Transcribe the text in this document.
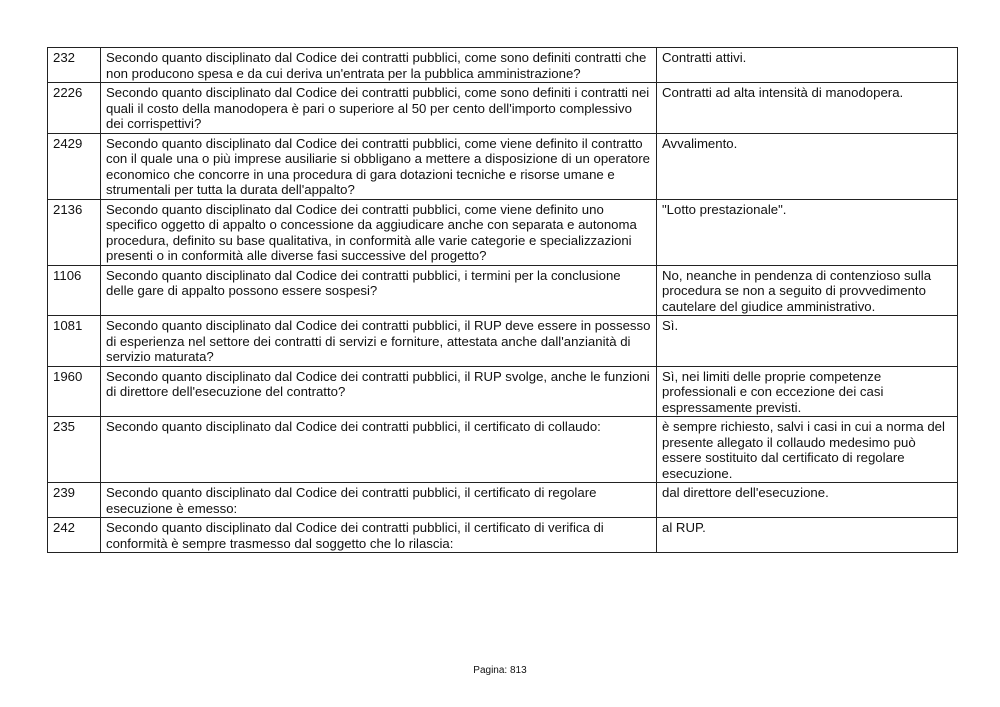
232	Secondo quanto disciplinato dal Codice dei contratti pubblici, come sono definiti contratti che non producono spesa e da cui deriva un'entrata per la pubblica amministrazione?	Contratti attivi.
2226	Secondo quanto disciplinato dal Codice dei contratti pubblici, come sono definiti i contratti nei quali il costo della manodopera è pari o superiore al 50 per cento dell'importo complessivo dei corrispettivi?	Contratti ad alta intensità di manodopera.
2429	Secondo quanto disciplinato dal Codice dei contratti pubblici, come viene definito il contratto con il quale una o più imprese ausiliarie si obbligano a mettere a disposizione di un operatore economico che concorre in una procedura di gara dotazioni tecniche e risorse umane e strumentali per tutta la durata dell'appalto?	Avvalimento.
2136	Secondo quanto disciplinato dal Codice dei contratti pubblici, come viene definito uno specifico oggetto di appalto o concessione da aggiudicare anche con separata e autonoma procedura, definito su base qualitativa, in conformità alle varie categorie e specializzazioni presenti o in conformità alle diverse fasi successive del progetto?	"Lotto prestazionale".
1106	Secondo quanto disciplinato dal Codice dei contratti pubblici, i termini per la conclusione delle gare di appalto possono essere sospesi?	No, neanche in pendenza di contenzioso sulla procedura se non a seguito di provvedimento cautelare del giudice amministrativo.
1081	Secondo quanto disciplinato dal Codice dei contratti pubblici, il RUP deve essere in possesso di esperienza nel settore dei contratti di servizi e forniture, attestata anche dall'anzianità di servizio maturata?	Sì.
1960	Secondo quanto disciplinato dal Codice dei contratti pubblici, il RUP svolge, anche le funzioni di direttore dell'esecuzione del contratto?	Sì, nei limiti delle proprie competenze professionali e con eccezione dei casi espressamente previsti.
235	Secondo quanto disciplinato dal Codice dei contratti pubblici, il certificato di collaudo:	è sempre richiesto, salvi i casi in cui a norma del presente allegato il collaudo medesimo può essere sostituito dal certificato di regolare esecuzione.
239	Secondo quanto disciplinato dal Codice dei contratti pubblici, il certificato di regolare esecuzione è emesso:	dal direttore dell'esecuzione.
242	Secondo quanto disciplinato dal Codice dei contratti pubblici, il certificato di verifica di conformità è sempre trasmesso dal soggetto che lo rilascia:	al RUP.
Pagina: 813
